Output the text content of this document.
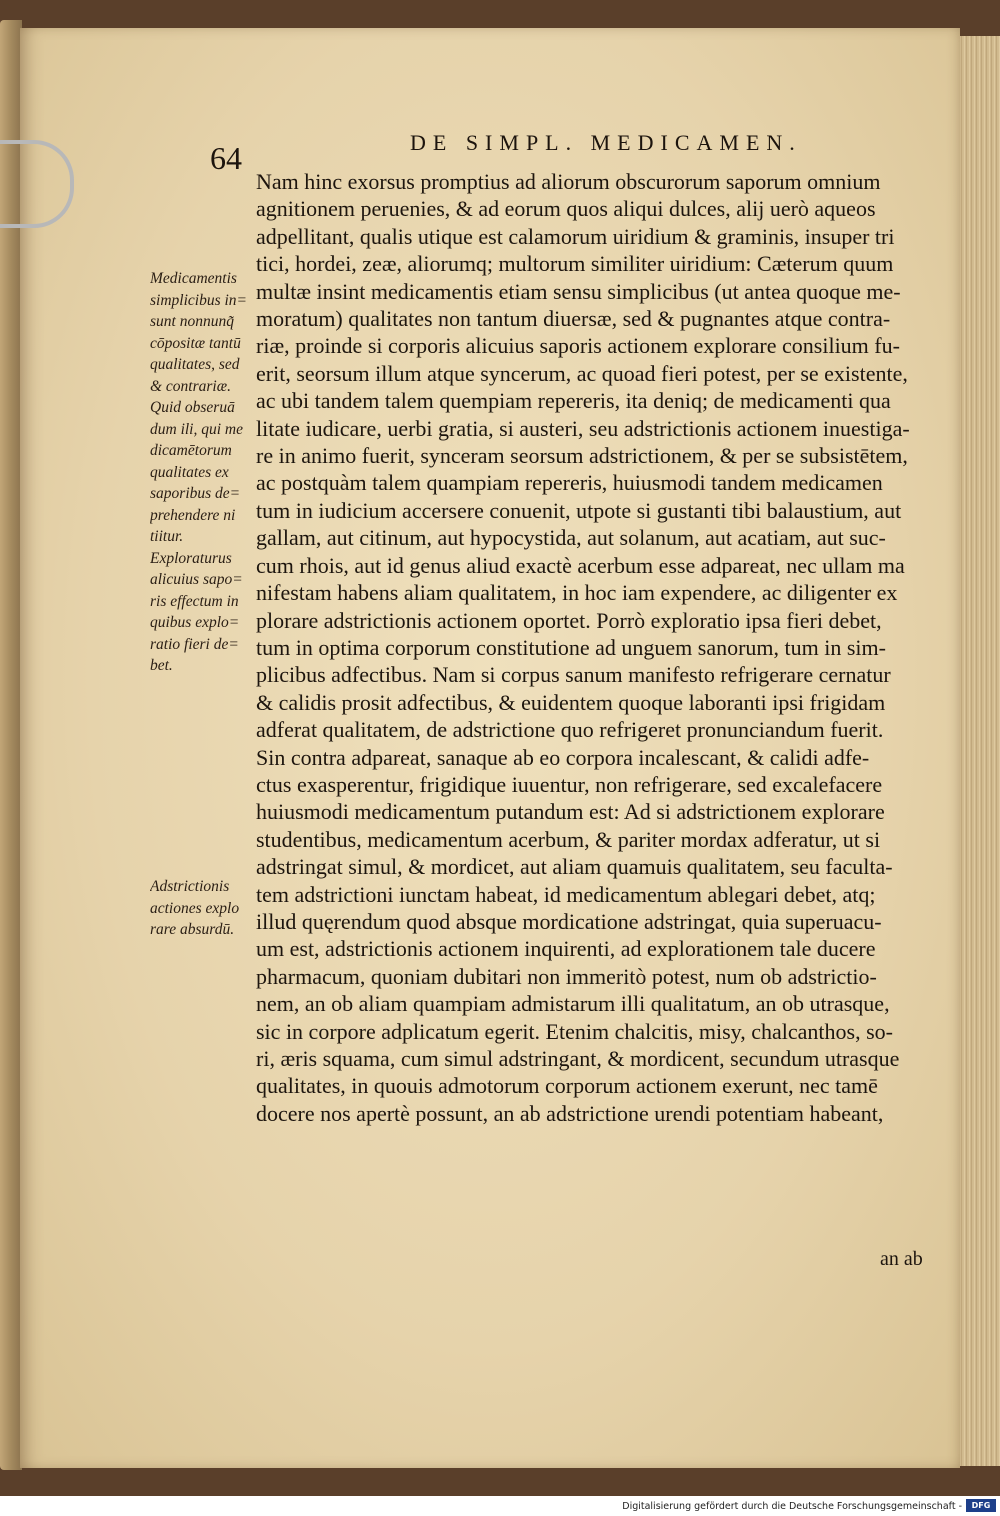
64	DE SIMPL. MEDICAMEN.
Medicamentis
simplicibus in=
sunt nonnunq̃
cōpositæ tantū
qualitates, sed
& contrariæ.
Quid obseruā
dum ili, qui me
dicamētorum
qualitates ex
saporibus de=
prehendere ni
tiitur.
Exploraturus
alicuius sapo=
ris effectum in
quibus explo=
ratio fieri de=
bet.
Adstrictionis
actiones explo
rare absurdū.
Nam hinc exorsus promptius ad aliorum obscurorum saporum omnium
agnitionem peruenies, & ad eorum quos aliqui dulces, alij uerò aqueos
adpellitant, qualis utique est calamorum uiridium & graminis, insuper tri
tici, hordei, zeæ, aliorumq; multorum similiter uiridium: Cæterum quum
multæ insint medicamentis etiam sensu simplicibus (ut antea quoque me-
moratum) qualitates non tantum diuersæ, sed & pugnantes atque contra-
riæ, proinde si corporis alicuius saporis actionem explorare consilium fu-
erit, seorsum illum atque syncerum, ac quoad fieri potest, per se existente,
ac ubi tandem talem quempiam repereris, ita deniq; de medicamenti qua
litate iudicare, uerbi gratia, si austeri, seu adstrictionis actionem inuestiga-
re in animo fuerit, synceram seorsum adstrictionem, & per se subsistētem,
ac postquàm talem quampiam repereris, huiusmodi tandem medicamen
tum in iudicium accersere conuenit, utpote si gustanti tibi balaustium, aut
gallam, aut citinum, aut hypocystida, aut solanum, aut acatiam, aut suc-
cum rhois, aut id genus aliud exactè acerbum esse adpareat, nec ullam ma
nifestam habens aliam qualitatem, in hoc iam expendere, ac diligenter ex
plorare adstrictionis actionem oportet. Porrò exploratio ipsa fieri debet,
tum in optima corporum constitutione ad unguem sanorum, tum in sim-
plicibus adfectibus. Nam si corpus sanum manifesto refrigerare cernatur
& calidis prosit adfectibus, & euidentem quoque laboranti ipsi frigidam
adferat qualitatem, de adstrictione quo refrigeret pronunciandum fuerit.
Sin contra adpareat, sanaque ab eo corpora incalescant, & calidi adfe-
ctus exasperentur, frigidique iuuentur, non refrigerare, sed excalefacere
huiusmodi medicamentum putandum est: Ad si adstrictionem explorare
studentibus, medicamentum acerbum, & pariter mordax adferatur, ut si
adstringat simul, & mordicet, aut aliam quamuis qualitatem, seu faculta-
tem adstrictioni iunctam habeat, id medicamentum ablegari debet, atq;
illud quęrendum quod absque mordicatione adstringat, quia superuacu-
um est, adstrictionis actionem inquirenti, ad explorationem tale ducere
pharmacum, quoniam dubitari non immeritò potest, num ob adstrictio-
nem, an ob aliam quampiam admistarum illi qualitatum, an ob utrasque,
sic in corpore adplicatum egerit. Etenim chalcitis, misy, chalcanthos, so-
ri, æris squama, cum simul adstringant, & mordicent, secundum utrasque
qualitates, in quouis admotorum corporum actionem exerunt, nec tamē
docere nos apertè possunt, an ab adstrictione urendi potentiam habeant,
an ab
Digitalisierung gefördert durch die Deutsche Forschungsgemeinschaft -	DFG
